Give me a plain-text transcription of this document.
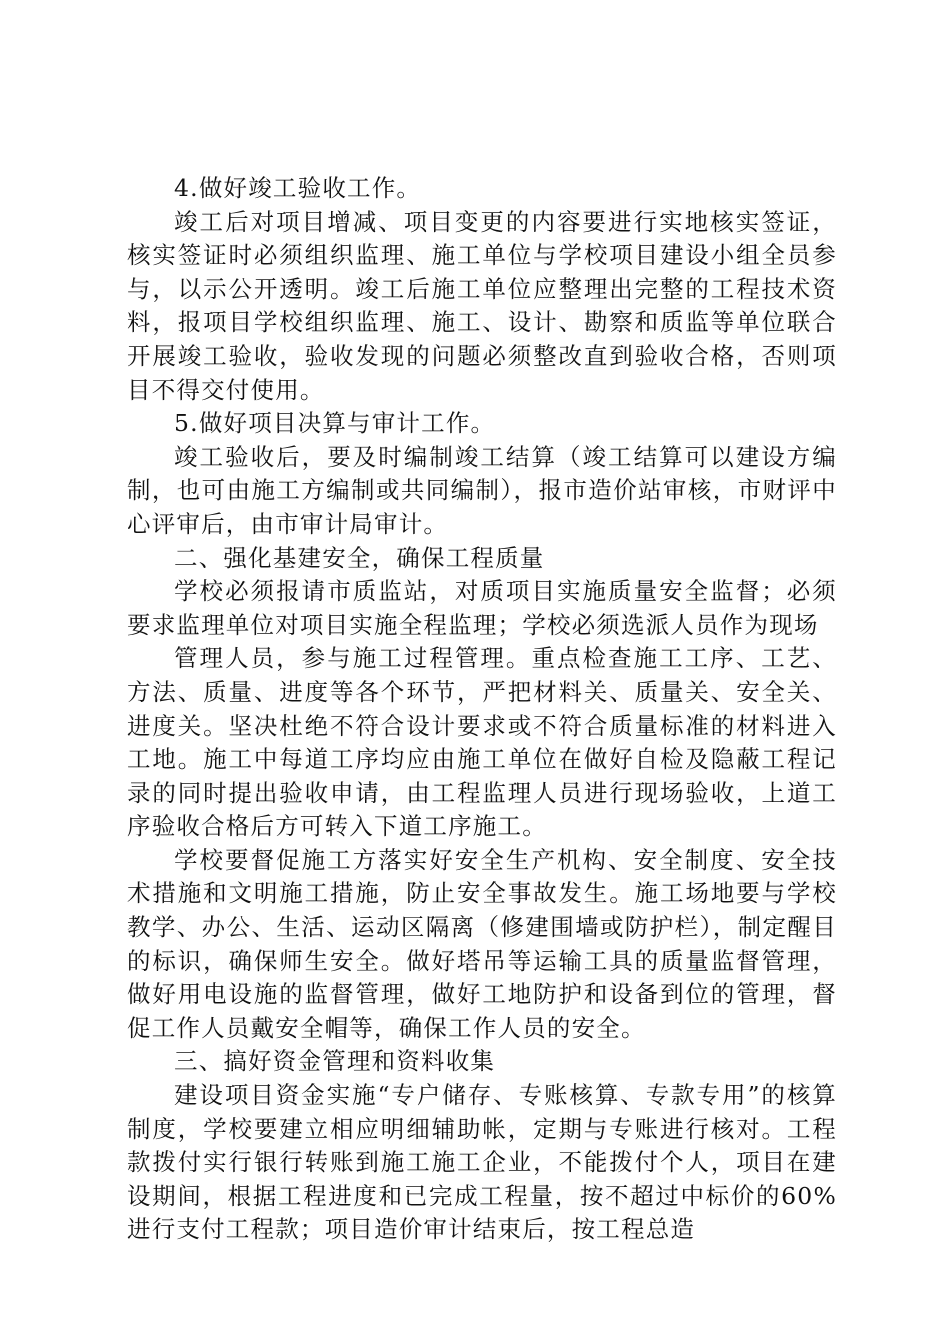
4.做好竣工验收工作。

竣工后对项目增减、项目变更的内容要进行实地核实签证，核实签证时必须组织监理、施工单位与学校项目建设小组全员参与，以示公开透明。竣工后施工单位应整理出完整的工程技术资料，报项目学校组织监理、施工、设计、勘察和质监等单位联合开展竣工验收，验收发现的问题必须整改直到验收合格，否则项目不得交付使用。

5.做好项目决算与审计工作。

竣工验收后，要及时编制竣工结算（竣工结算可以建设方编制，也可由施工方编制或共同编制），报市造价站审核，市财评中心评审后，由市审计局审计。

二、强化基建安全，确保工程质量

学校必须报请市质监站，对质项目实施质量安全监督；必须要求监理单位对项目实施全程监理；学校必须选派人员作为现场

管理人员，参与施工过程管理。重点检查施工工序、工艺、方法、质量、进度等各个环节，严把材料关、质量关、安全关、进度关。坚决杜绝不符合设计要求或不符合质量标准的材料进入工地。施工中每道工序均应由施工单位在做好自检及隐蔽工程记录的同时提出验收申请，由工程监理人员进行现场验收，上道工序验收合格后方可转入下道工序施工。

学校要督促施工方落实好安全生产机构、安全制度、安全技术措施和文明施工措施，防止安全事故发生。施工场地要与学校教学、办公、生活、运动区隔离（修建围墙或防护栏），制定醒目的标识，确保师生安全。做好塔吊等运输工具的质量监督管理，做好用电设施的监督管理，做好工地防护和设备到位的管理，督促工作人员戴安全帽等，确保工作人员的安全。

三、搞好资金管理和资料收集

建设项目资金实施“专户储存、专账核算、专款专用”的核算制度，学校要建立相应明细辅助帐，定期与专账进行核对。工程款拨付实行银行转账到施工施工企业，不能拨付个人，项目在建设期间，根据工程进度和已完成工程量，按不超过中标价的60%进行支付工程款；项目造价审计结束后，按工程总造
